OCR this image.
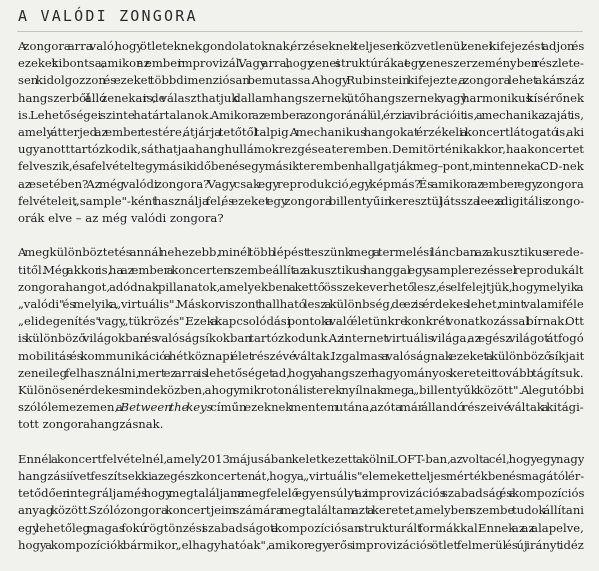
A VALÓDI ZONGORA

A zongora arra való, hogy ötleteknek, gondolatoknak, érzéseknek teljesen közvetlenül zenei kifejezést adjon és
ezeket kibontsa, amikor az ember improvizál. Vagy arra, hogy zenei struktúrákat egy zeneszerzeményben részlete-
sen kidolgozzon és ezeket többdimenziósan bemutassa. Ahogy Rubinstein kifejezte, a zongora lehet akár száz
hangszerből álló zenekar is, de választhatjuk dallamhangszernek, ütőhangszernek, vagy harmonikus kísérőnek
is. Lehetőségei szinte határtalanok. Amikor az ember a zongoránál ül, érzi a vibrációit is, a mechanika zaját is,
amely átterjed az ember testére, átjárja tetőtől talpig. A mechanikus hangokat érzékeli a koncertlátogató is, aki
ugyanott tartózkodik, s áthatja a hanghullámok rezgése a teremben. De mi történik akkor, ha a koncertet
felveszik, és a felvételt egy másik időben és egy másik teremben hallgatják meg – pont, mint ennek a CD-nek
az esetében? Az még valódi zongora? Vagy csak egy reprodukció, egy képmás? És amikor az ember egy zongora
felvételeit „sample"-ként használja fel, és ezeket egy zongora billentyűin keresztül játssza le – ez a digitális zongo-
orák elve – az még valódi zongora?

A megkülönböztetés annál nehezebb, minél több lépést teszünk meg a termelési láncban az akusztikus erede-
titől. Még akkor is, ha az ember a koncerten szembeállít az akusztikus hanggal egy samplerezéssel reprodukált
zongorahangot, adódnak pillanatok, amelyekben a kettő összekeverhető lesz, és elfelejtjük, hogy melyik a
„valódi" és melyik a „virtuális". Máskor viszont hallható lesz a különbség, de ez is érdekes lehet, mint valamiféle
„elidegenítés" vagy „tükrözés". Ezek a kapcsolódási pontok a való életünkre konkrét vonatkozással bírnak. Ott
is különböző világokban és valóságsíkokban tartózkodunk. Az internet virtuális világa, az egész világot átfogó
mobilitás és kommunikáció a hétköznapi élet részévé váltak. Izgalmas a valóságnak ezeket a különböző síkjait
zeneileg felhasználni, mert ez arra is lehetőséget ad, hogy a hangszer hagyományos kereteit tovább tágítsuk.
Különösen érdekes mindeközben, ahogy mikrotonális terek nyílnak meg a „billentyűk között". A legutóbbi
szólólemezemen, a Between the keys címűn ezeknek mentem utána, azóta már állandó részeivé váltak a kitági-
tott zongorahangzásnak.

Ennél a koncertfelvételnél, amely 2013 májusában keletkezett a kölni LOFT-ban, az volt a cél, hogy egy nagy
hangzási ívet feszítsek ki az egész koncerten át, hogy a „virtuális" elemeket teljes mértékben és magától ér-
tetődően integráljam, és hogy megtaláljam a megfelelő egyensúlyt az improvizációs szabadság és a kompozíciós
anyag között. Szólózongora koncertjeim számára megtaláltam azt a keretet, amelyben szembe tudok állítani
egy lehetőleg magas fokú rögtönzési szabadságot a kompozíciósan strukturált formákkal. Ennek az az alapelve,
hogy a kompozíciók bármikor „elhagyhatóak", amikor egy erős improvizációs ötlet felmerül és új irányt idéz
